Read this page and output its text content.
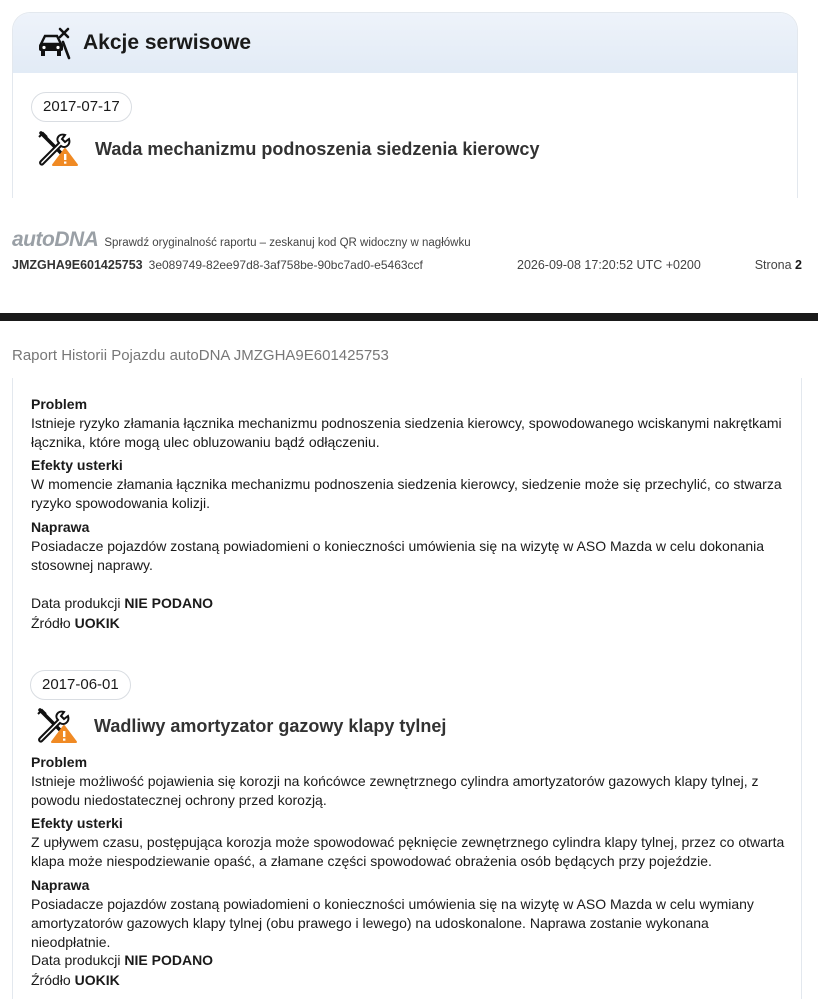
Akcje serwisowe
2017-07-17
Wada mechanizmu podnoszenia siedzenia kierowcy
autoDNA Sprawdź oryginalność raportu – zeskanuj kod QR widoczny w nagłówku
JMZGHA9E601425753 3e089749-82ee97d8-3af758be-90bc7ad0-e5463ccf	2026-09-08 17:20:52 UTC +0200	Strona 2
Raport Historii Pojazdu autoDNA JMZGHA9E601425753
Problem
Istnieje ryzyko złamania łącznika mechanizmu podnoszenia siedzenia kierowcy, spowodowanego wciskanymi nakrętkami łącznika, które mogą ulec obluzowaniu bądź odłączeniu.
Efekty usterki
W momencie złamania łącznika mechanizmu podnoszenia siedzenia kierowcy, siedzenie może się przechylić, co stwarza ryzyko spowodowania kolizji.
Naprawa
Posiadacze pojazdów zostaną powiadomieni o konieczności umówienia się na wizytę w ASO Mazda w celu dokonania stosownej naprawy.
Data produkcji NIE PODANO
Źródło UOKIK
2017-06-01
Wadliwy amortyzator gazowy klapy tylnej
Problem
Istnieje możliwość pojawienia się korozji na końcówce zewnętrznego cylindra amortyzatorów gazowych klapy tylnej, z powodu niedostatecznej ochrony przed korozją.
Efekty usterki
Z upływem czasu, postępująca korozja może spowodować pęknięcie zewnętrznego cylindra klapy tylnej, przez co otwarta klapa może niespodziewanie opaść, a złamane części spowodować obrażenia osób będących przy pojeździe.
Naprawa
Posiadacze pojazdów zostaną powiadomieni o konieczności umówienia się na wizytę w ASO Mazda w celu wymiany amortyzatorów gazowych klapy tylnej (obu prawego i lewego) na udoskonalone. Naprawa zostanie wykonana nieodpłatnie.
Data produkcji NIE PODANO
Źródło UOKIK
